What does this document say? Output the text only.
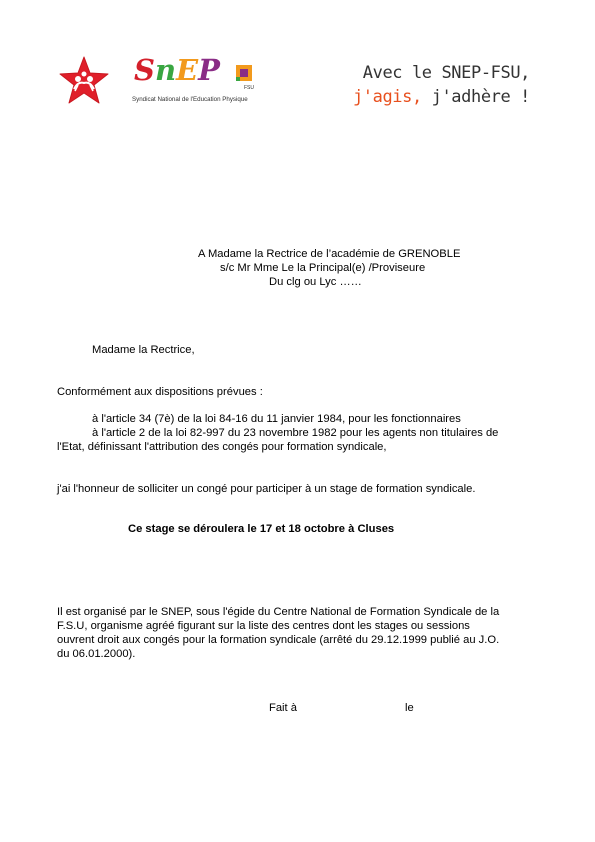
SnEP
FSU
Syndicat National de l'Education Physique
Avec le SNEP-FSU,
j'agis, j'adhère !
A Madame la Rectrice de l’académie de GRENOBLE
s/c Mr Mme Le la Principal(e) /Proviseure
Du clg ou Lyc ……
Madame la Rectrice,
Conformément aux dispositions prévues :
à l'article 34 (7è) de la loi 84-16 du 11 janvier 1984, pour les fonctionnaires
à l'article 2 de la loi 82-997 du 23 novembre 1982 pour les agents non titulaires de
l'Etat, définissant l'attribution des congés pour formation syndicale,
j'ai l'honneur de solliciter un congé pour participer à un stage de formation syndicale.
Ce stage se déroulera le 17 et 18 octobre à Cluses
Il est organisé par le SNEP, sous l'égide du Centre National de Formation Syndicale de la
F.S.U, organisme agréé figurant sur la liste des centres dont les stages ou sessions
ouvrent droit aux congés pour la formation syndicale (arrêté du 29.12.1999 publié au J.O.
du 06.01.2000).
Fait à	le
